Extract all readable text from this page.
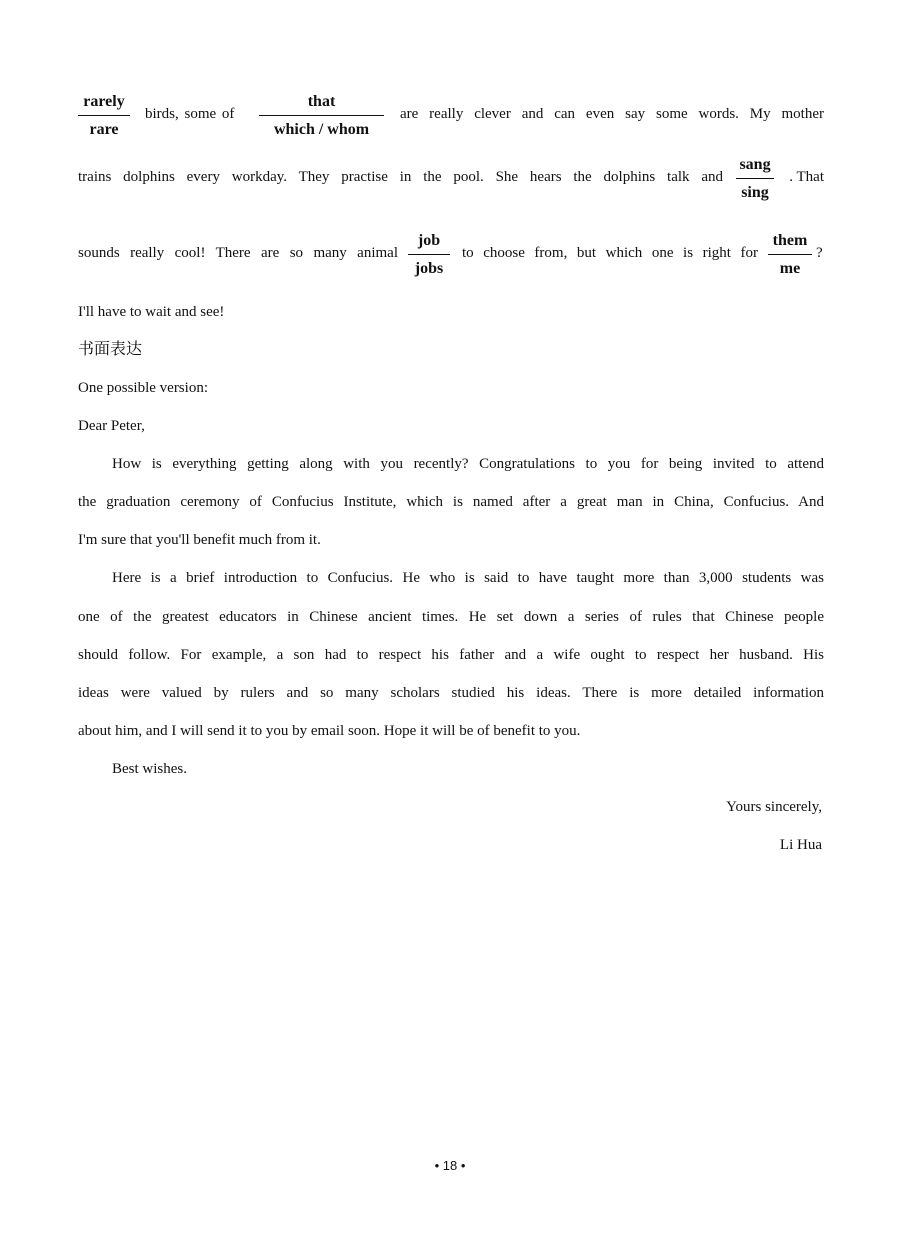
rarely
rare
birds, some of
that
which / whom
are really clever and can even say some words. My mother
trains dolphins every workday. They practise in the pool. She hears the dolphins talk and
sang
sing
. That
sounds really cool! There are so many animal
job
jobs
to choose from, but which one is right for
them
me
?
I'll have to wait and see!
书面表达
One possible version:
Dear Peter,
How is everything getting along with you recently? Congratulations to you for being invited to attend
the graduation ceremony of Confucius Institute, which is named after a great man in China, Confucius. And
I'm sure that you'll benefit much from it.
Here is a brief introduction to Confucius. He who is said to have taught more than 3,000 students was
one of the greatest educators in Chinese ancient times. He set down a series of rules that Chinese people
should follow. For example, a son had to respect his father and a wife ought to respect her husband. His
ideas were valued by rulers and so many scholars studied his ideas. There is more detailed information
about him, and I will send it to you by email soon. Hope it will be of benefit to you.
Best wishes.
Yours sincerely,
Li Hua
• 18 •
